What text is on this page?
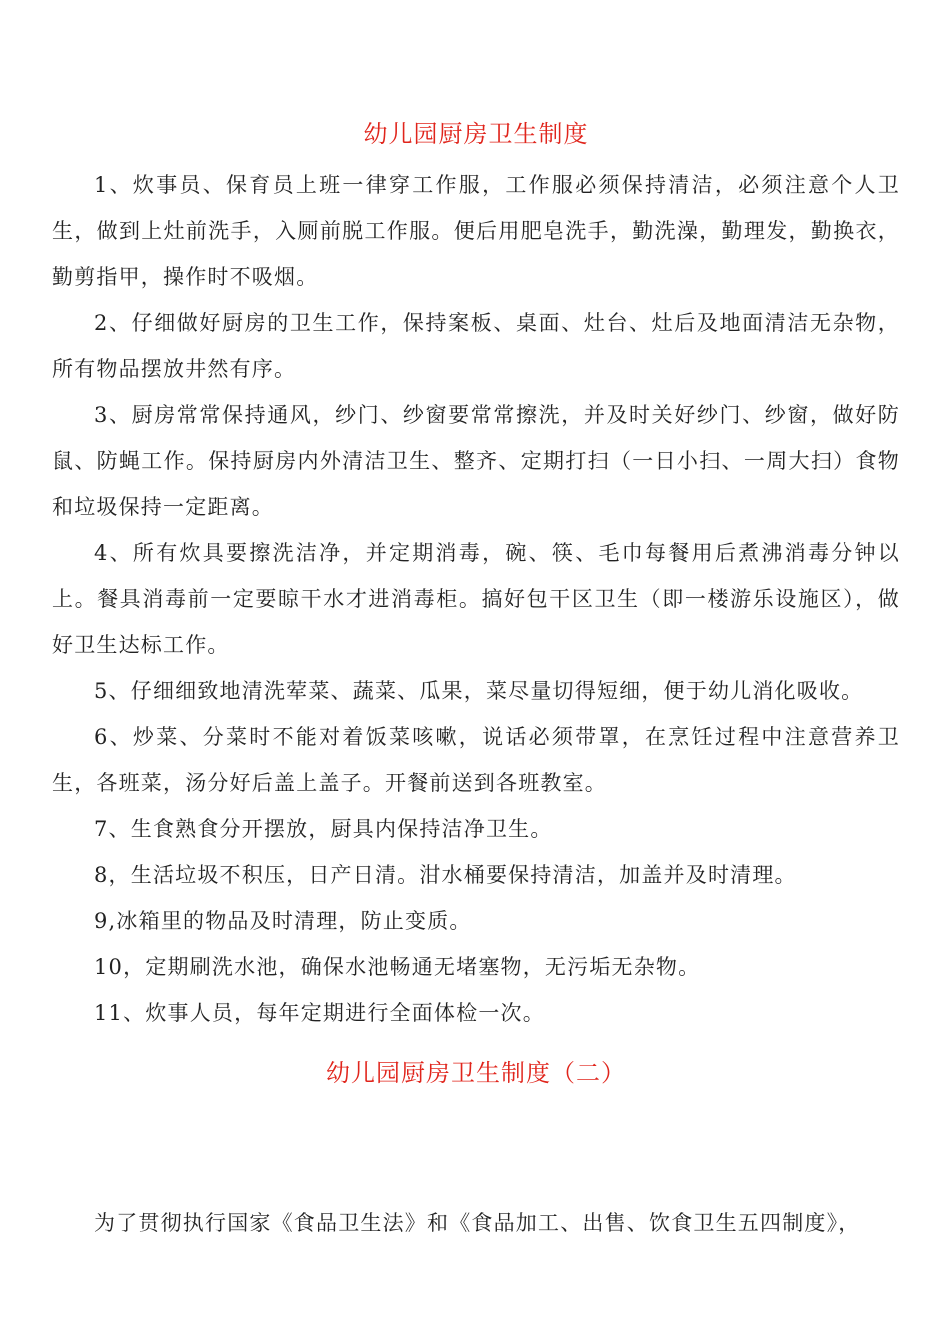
幼儿园厨房卫生制度

1、炊事员、保育员上班一律穿工作服，工作服必须保持清洁，必须注意个人卫生，做到上灶前洗手，入厕前脱工作服。便后用肥皂洗手，勤洗澡，勤理发，勤换衣，勤剪指甲，操作时不吸烟。

2、仔细做好厨房的卫生工作，保持案板、桌面、灶台、灶后及地面清洁无杂物，所有物品摆放井然有序。

3、厨房常常保持通风，纱门、纱窗要常常擦洗，并及时关好纱门、纱窗，做好防鼠、防蝇工作。保持厨房内外清洁卫生、整齐、定期打扫（一日小扫、一周大扫）食物和垃圾保持一定距离。

4、所有炊具要擦洗洁净，并定期消毒，碗、筷、毛巾每餐用后煮沸消毒分钟以上。餐具消毒前一定要晾干水才进消毒柜。搞好包干区卫生（即一楼游乐设施区），做好卫生达标工作。

5、仔细细致地清洗荤菜、蔬菜、瓜果，菜尽量切得短细，便于幼儿消化吸收。

6、炒菜、分菜时不能对着饭菜咳嗽，说话必须带罩，在烹饪过程中注意营养卫生，各班菜，汤分好后盖上盖子。开餐前送到各班教室。

7、生食熟食分开摆放，厨具内保持洁净卫生。

8，生活垃圾不积压，日产日清。泔水桶要保持清洁，加盖并及时清理。

9,冰箱里的物品及时清理，防止变质。

10，定期刷洗水池，确保水池畅通无堵塞物，无污垢无杂物。

11、炊事人员，每年定期进行全面体检一次。

幼儿园厨房卫生制度（二）

为了贯彻执行国家《食品卫生法》和《食品加工、出售、饮食卫生五四制度》，
